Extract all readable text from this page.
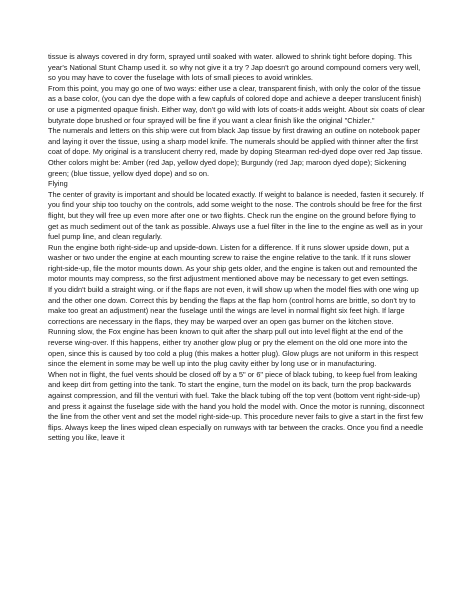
tissue is always covered in dry form, sprayed until soaked with water. allowed to shrink tight before doping. This year's National Stunt Champ used it. so why not give it a try ? Jap doesn't go around compound corners very well, so you may have to cover the fuselage with lots of small pieces to avoid wrinkles.

From this point, you may go one of two ways: either use a clear, transparent finish, with only the color of the tissue as a base color, (you can dye the dope with a few capfuls of colored dope and achieve a deeper translucent finish) or use a pigmented opaque finish. Either way, don't go wild with lots of coats-it adds weight. About six coats of clear butyrate dope brushed or four sprayed will be fine if you want a clear finish like the original "Chizler."

The numerals and letters on this ship were cut from black Jap tissue by first drawing an outline on notebook paper and laying it over the tissue, using a sharp model knife. The numerals should be applied with thinner after the first coat of dope. My original is a translucent cherry red, made by doping Stearman red-dyed dope over red Jap tissue. Other colors might be: Amber (red Jap, yellow dyed dope); Burgundy (red Jap; maroon dyed dope); Sickening green; (blue tissue, yellow dyed dope) and so on.

Flying

The center of gravity is important and should be located exactly. If weight to balance is needed, fasten it securely. If you find your ship too touchy on the controls, add some weight to the nose. The controls should be free for the first flight, but they will free up even more after one or two flights. Check run the engine on the ground before flying to get as much sediment out of the tank as possible. Always use a fuel filter in the line to the engine as well as in your fuel pump line, and clean regularly.

Run the engine both right-side-up and upside-down. Listen for a difference. If it runs slower upside down, put a washer or two under the engine at each mounting screw to raise the engine relative to the tank. If it runs slower right-side-up, file the motor mounts down. As your ship gets older, and the engine is taken out and remounted the motor mounts may compress, so the first adjustment mentioned above may be necessary to get even settings.

If you didn't build a straight wing. or if the flaps are not even, it will show up when the model flies with one wing up and the other one down. Correct this by bending the flaps at the flap horn (control horns are brittle, so don't try to make too great an adjustment) near the fuselage until the wings are level in normal flight six feet high. If large corrections are necessary in the flaps, they may be warped over an open gas burner on the kitchen stove.

Running slow, the Fox engine has been known to quit after the sharp pull out into level flight at the end of the reverse wing-over. If this happens, either try another glow plug or pry the element on the old one more into the open, since this is caused by too cold a plug (this makes a hotter plug). Glow plugs are not uniform in this respect since the element in some may be well up into the plug cavity either by long use or in manufacturing.

When not in flight, the fuel vents should be closed off by a 5" or 6" piece of black tubing, to keep fuel from leaking and keep dirt from getting into the tank. To start the engine, turn the model on its back, turn the prop backwards against compression, and fill the venturi with fuel. Take the black tubing off the top vent (bottom vent right-side-up) and press it against the fuselage side with the hand you hold the model with. Once the motor is running, disconnect the line from the other vent and set the model right-side-up. This procedure never fails to give a start in the first few flips. Always keep the lines wiped clean especially on runways with tar between the cracks. Once you find a needle setting you like, leave it
